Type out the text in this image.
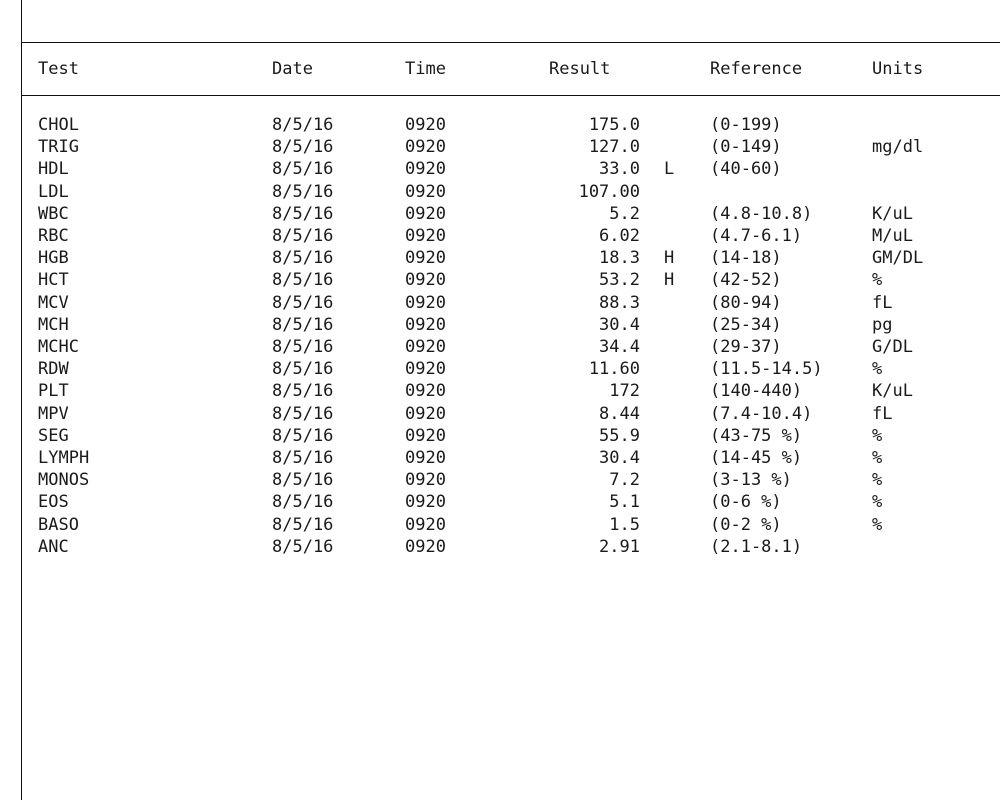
Test	Date	Time	Result	Reference	Units
CHOL	8/5/16	0920	175.0	(0-199)
TRIG	8/5/16	0920	127.0	(0-149)	mg/dl
HDL	8/5/16	0920	33.0 L (40-60)
LDL	8/5/16	0920	107.00
WBC	8/5/16	0920	5.2	(4.8-10.8)	K/uL
RBC	8/5/16	0920	6.02	(4.7-6.1)	M/uL
HGB	8/5/16	0920	18.3 H (14-18)	GM/DL
HCT	8/5/16	0920	53.2 H (42-52)	%
MCV	8/5/16	0920	88.3	(80-94)	fL
MCH	8/5/16	0920	30.4	(25-34)	pg
MCHC	8/5/16	0920	34.4	(29-37)	G/DL
RDW	8/5/16	0920	11.60	(11.5-14.5)	%
PLT	8/5/16	0920	172	(140-440)	K/uL
MPV	8/5/16	0920	8.44	(7.4-10.4)	fL
SEG	8/5/16	0920	55.9	(43-75 %)	%
LYMPH	8/5/16	0920	30.4	(14-45 %)	%
MONOS	8/5/16	0920	7.2	(3-13 %)	%
EOS	8/5/16	0920	5.1	(0-6 %)	%
BASO	8/5/16	0920	1.5	(0-2 %)	%
ANC	8/5/16	0920	2.91	(2.1-8.1)
